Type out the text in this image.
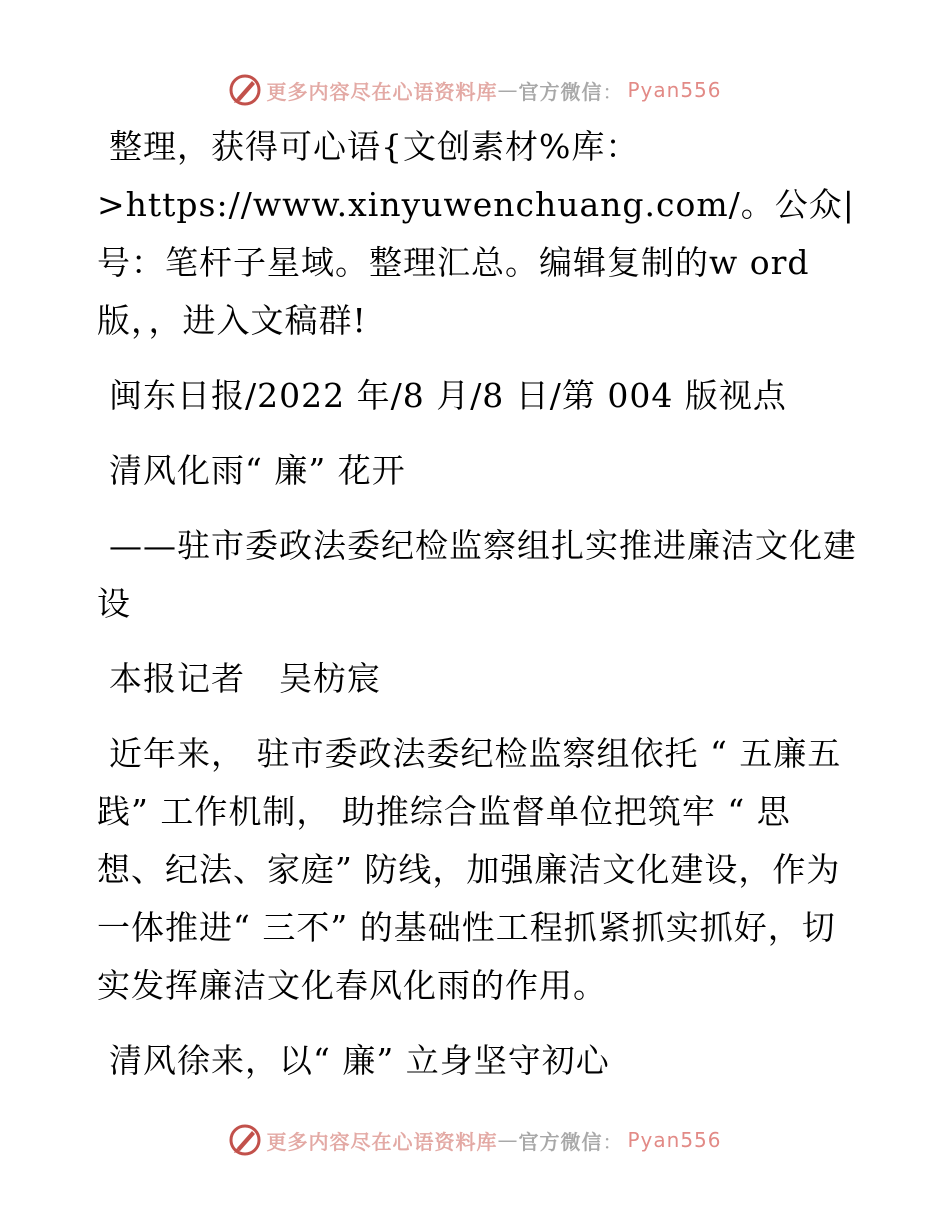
更多内容尽在心语资料库 — 官方微信 ： Pyan556

整理，获得可心语{文创素材%库：>https://www.xinyuwenchuang.com/。公众|号：笔杆子星域。整理汇总。编辑复制的w ord版，，进入文稿群!

闽东日报/2022 年/8 月/8 日/第 004 版视点

清风化雨“ 廉” 花开

——驻市委政法委纪检监察组扎实推进廉洁文化建设

本报记者　吴枋宸

近年来， 驻市委政法委纪检监察组依托 “ 五廉五践” 工作机制， 助推综合监督单位把筑牢 “ 思想、纪法、家庭” 防线，加强廉洁文化建设，作为一体推进“ 三不” 的基础性工程抓紧抓实抓好，切实发挥廉洁文化春风化雨的作用。

清风徐来，以“ 廉” 立身坚守初心

更多内容尽在心语资料库 — 官方微信 ： Pyan556
